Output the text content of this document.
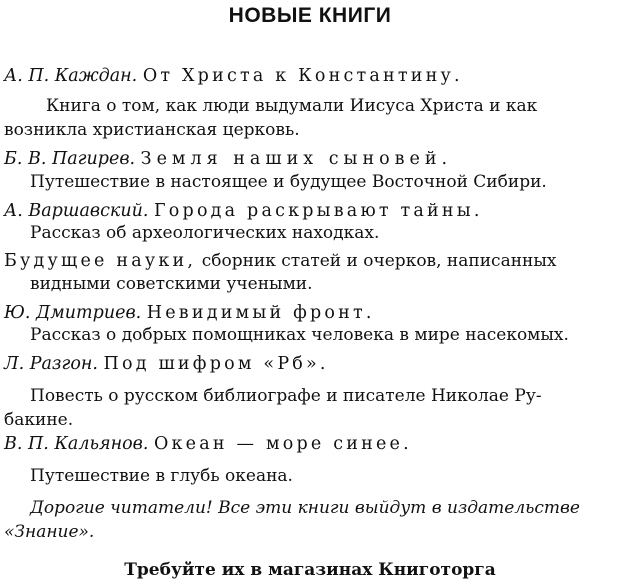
НОВЫЕ КНИГИ
А. П. Каждан. От Христа к Константину.
Книга о том, как люди выдумали Иисуса Христа и как
возникла христианская церковь.
Б. В. Пагирев. Земля наших сыновей.
Путешествие в настоящее и будущее Восточной Сибири.
А. Варшавский. Города раскрывают тайны.
Рассказ об археологических находках.
Будущее науки, сборник статей и очерков, написанных
видными советскими учеными.
Ю. Дмитриев. Невидимый фронт.
Рассказ о добрых помощниках человека в мире насекомых.
Л. Разгон. Под шифром «Рб».
Повесть о русском библиографе и писателе Николае Ру-
бакине.
В. П. Кальянов. Океан — море синее.
Путешествие в глубь океана.
Дорогие читатели! Все эти книги выйдут в издательстве
«Знание».
Требуйте их в магазинах Книготорга
